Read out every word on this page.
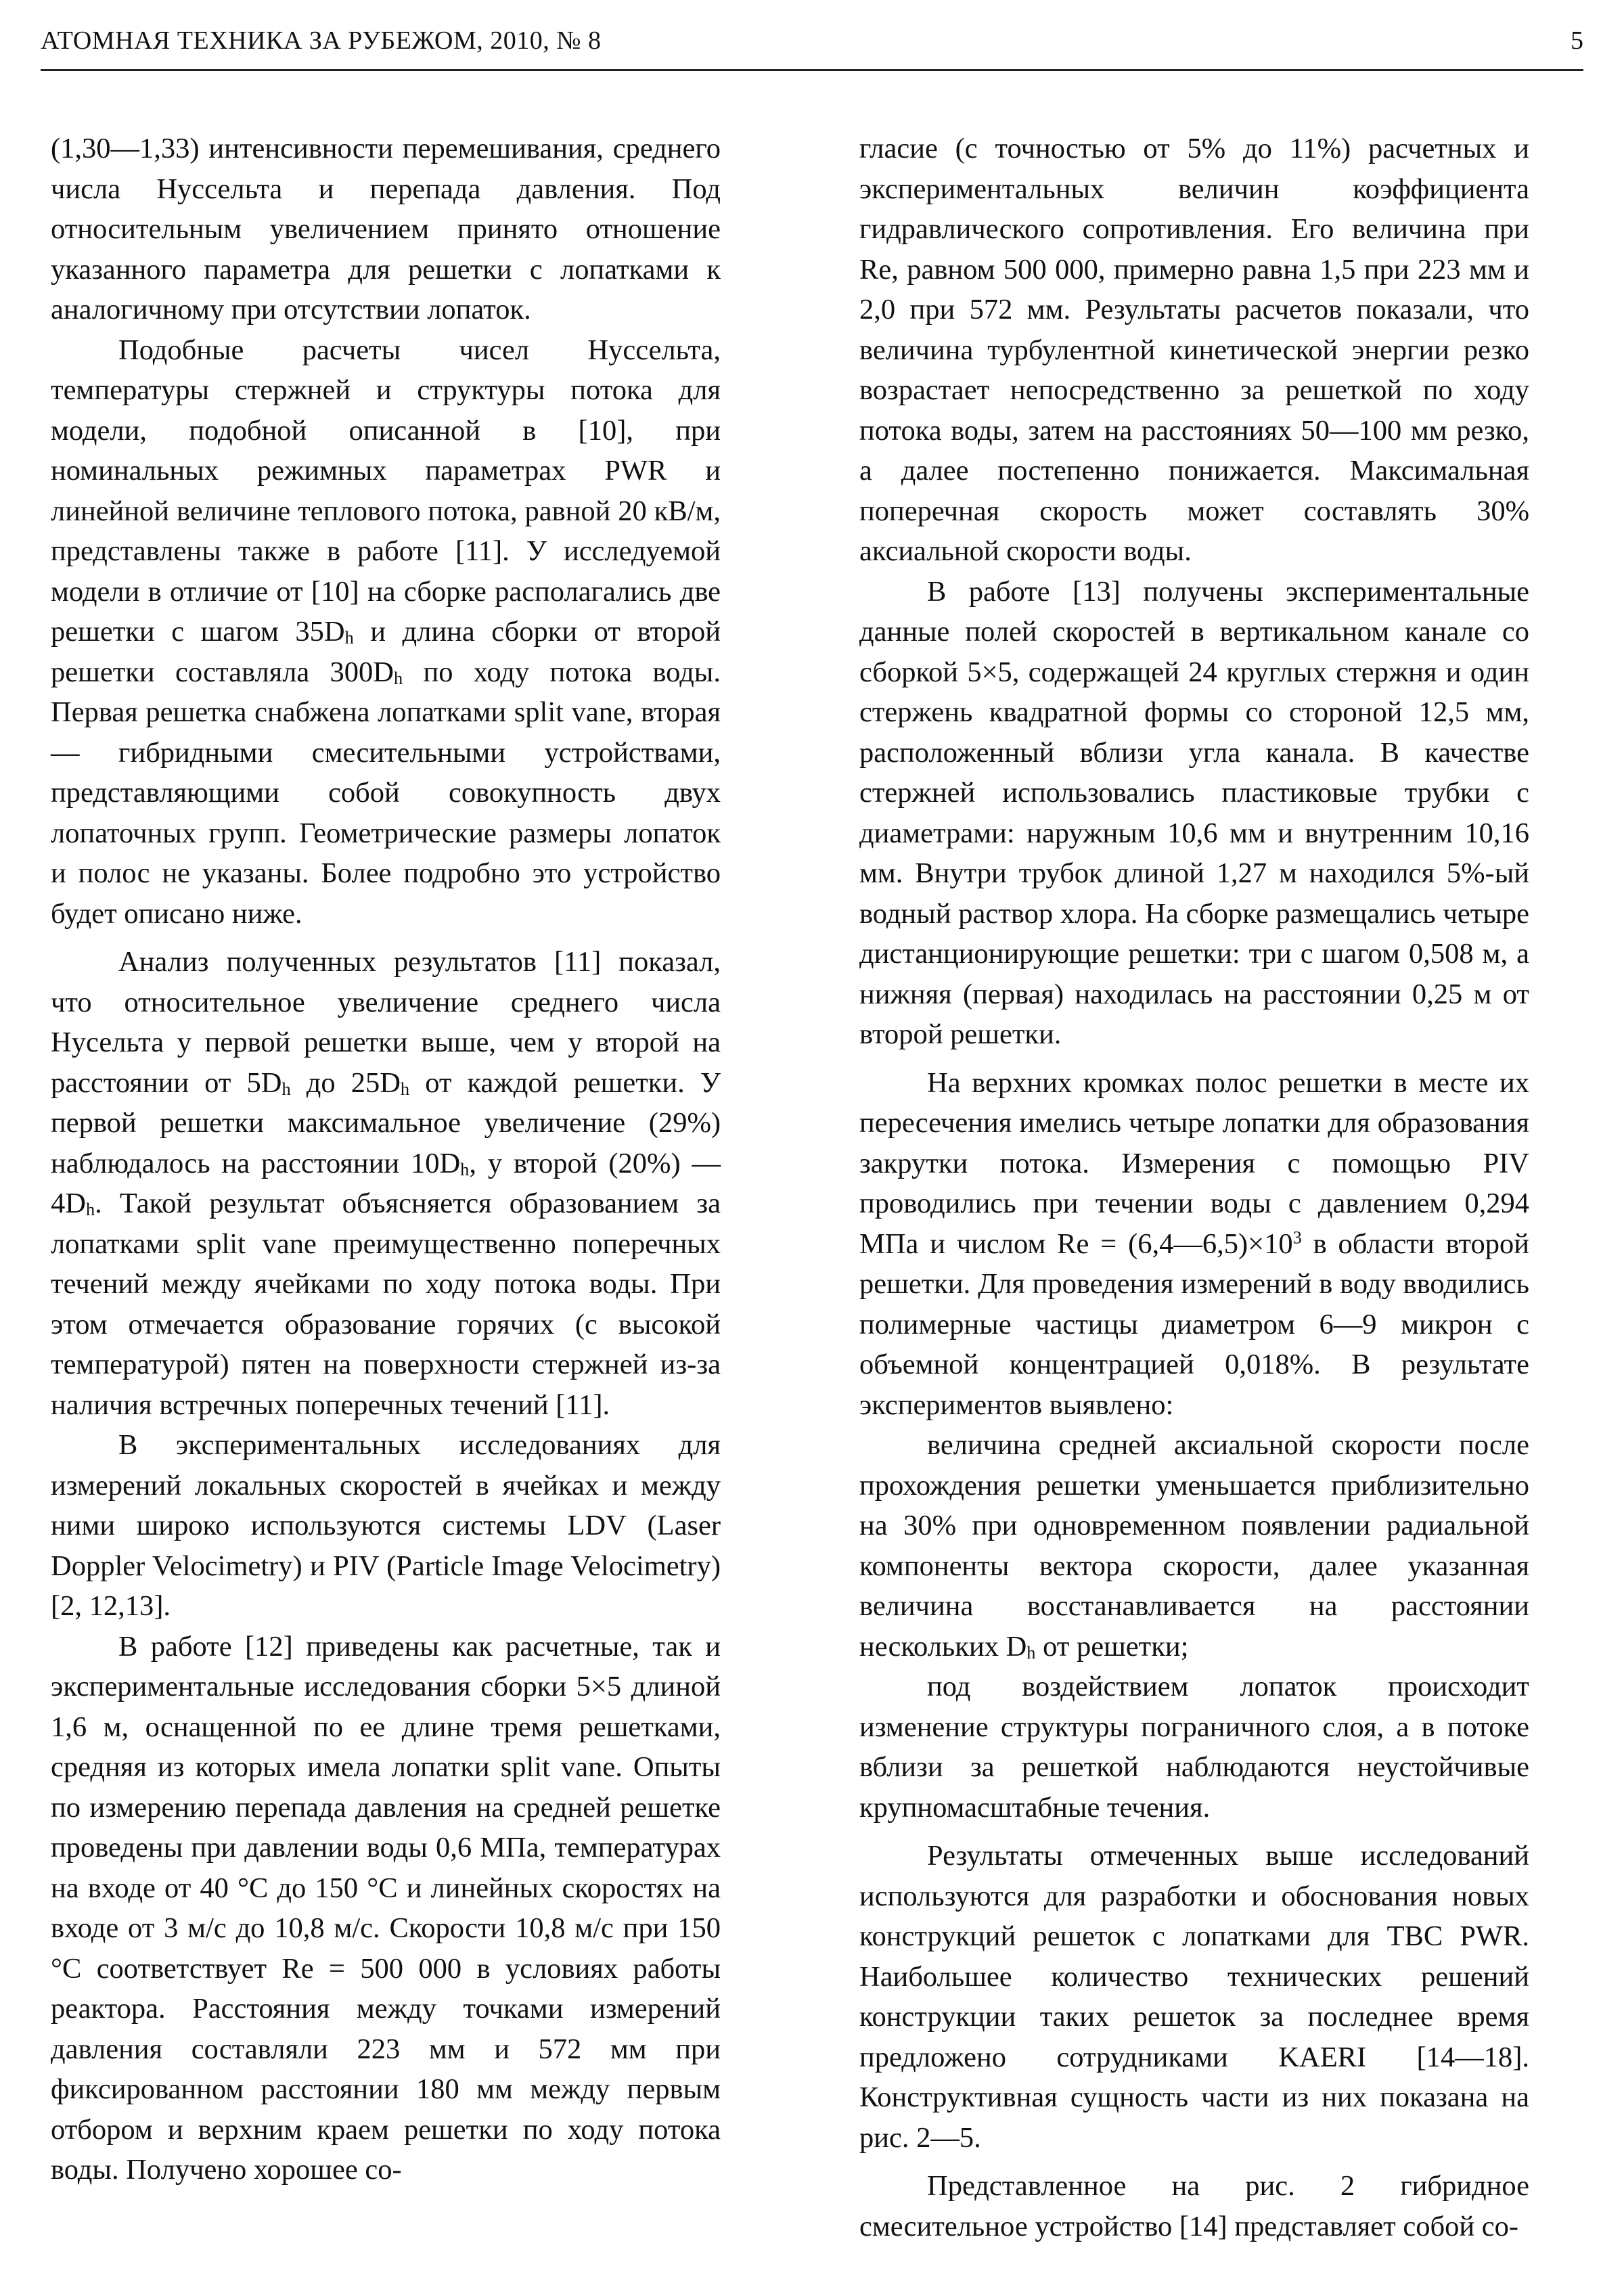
АТОМНАЯ ТЕХНИКА ЗА РУБЕЖОМ, 2010, № 8	5

(1,30—1,33) интенсивности перемешивания, среднего числа Нуссельта и перепада давления. Под относительным увеличением принято отношение указанного параметра для решетки с лопатками к аналогичному при отсутствии лопаток.

Подобные расчеты чисел Нуссельта, температуры стержней и структуры потока для модели, подобной описанной в [10], при номинальных режимных параметрах PWR и линейной величине теплового потока, равной 20 кВ/м, представлены также в работе [11]. У исследуемой модели в отличие от [10] на сборке располагались две решетки с шагом $35D_h$ и длина сборки от второй решетки составляла $300D_h$ по ходу потока воды. Первая решетка снабжена лопатками split vane, вторая — гибридными смесительными устройствами, представляющими собой совокупность двух лопаточных групп. Геометрические размеры лопаток и полос не указаны. Более подробно это устройство будет описано ниже.

Анализ полученных результатов [11] показал, что относительное увеличение среднего числа Нусельта у первой решетки выше, чем у второй на расстоянии от $5D_h$ до $25D_h$ от каждой решетки. У первой решетки максимальное увеличение (29%) наблюдалось на расстоянии $10D_h$, у второй (20%) — $4D_h$. Такой результат объясняется образованием за лопатками split vane преимущественно поперечных течений между ячейками по ходу потока воды. При этом отмечается образование горячих (с высокой температурой) пятен на поверхности стержней из-за наличия встречных поперечных течений [11].

В экспериментальных исследованиях для измерений локальных скоростей в ячейках и между ними широко используются системы LDV (Laser Doppler Velocimetry) и PIV (Particle Image Velocimetry) [2, 12,13].

В работе [12] приведены как расчетные, так и экспериментальные исследования сборки 5×5 длиной 1,6 м, оснащенной по ее длине тремя решетками, средняя из которых имела лопатки split vane. Опыты по измерению перепада давления на средней решетке проведены при давлении воды 0,6 МПа, температурах на входе от 40 °С до 150 °С и линейных скоростях на входе от 3 м/с до 10,8 м/с. Скорости 10,8 м/с при 150 °С соответствует Re = 500 000 в условиях работы реактора. Расстояния между точками измерений давления составляли 223 мм и 572 мм при фиксированном расстоянии 180 мм между первым отбором и верхним краем решетки по ходу потока воды. Получено хорошее со-

гласие (с точностью от 5% до 11%) расчетных и экспериментальных величин коэффициента гидравлического сопротивления. Его величина при Re, равном 500 000, примерно равна 1,5 при 223 мм и 2,0 при 572 мм. Результаты расчетов показали, что величина турбулентной кинетической энергии резко возрастает непосредственно за решеткой по ходу потока воды, затем на расстояниях 50—100 мм резко, а далее постепенно понижается. Максимальная поперечная скорость может составлять 30% аксиальной скорости воды.

В работе [13] получены экспериментальные данные полей скоростей в вертикальном канале со сборкой 5×5, содержащей 24 круглых стержня и один стержень квадратной формы со стороной 12,5 мм, расположенный вблизи угла канала. В качестве стержней использовались пластиковые трубки с диаметрами: наружным 10,6 мм и внутренним 10,16 мм. Внутри трубок длиной 1,27 м находился 5%-ый водный раствор хлора. На сборке размещались четыре дистанционирующие решетки: три с шагом 0,508 м, а нижняя (первая) находилась на расстоянии 0,25 м от второй решетки.

На верхних кромках полос решетки в месте их пересечения имелись четыре лопатки для образования закрутки потока. Измерения с помощью PIV проводились при течении воды с давлением 0,294 МПа и числом $Re = (6,4—6,5)\times 10^3$ в области второй решетки. Для проведения измерений в воду вводились полимерные частицы диаметром 6—9 микрон с объемной концентрацией 0,018%. В результате экспериментов выявлено:

величина средней аксиальной скорости после прохождения решетки уменьшается приблизительно на 30% при одновременном появлении радиальной компоненты вектора скорости, далее указанная величина восстанавливается на расстоянии нескольких $D_h$ от решетки;

под воздействием лопаток происходит изменение структуры пограничного слоя, а в потоке вблизи за решеткой наблюдаются неустойчивые крупномасштабные течения.

Результаты отмеченных выше исследований используются для разработки и обоснования новых конструкций решеток с лопатками для ТВС PWR. Наибольшее количество технических решений конструкции таких решеток за последнее время предложено сотрудниками KAERI [14—18]. Конструктивная сущность части из них показана на рис. 2—5.

Представленное на рис. 2 гибридное смесительное устройство [14] представляет собой со-
